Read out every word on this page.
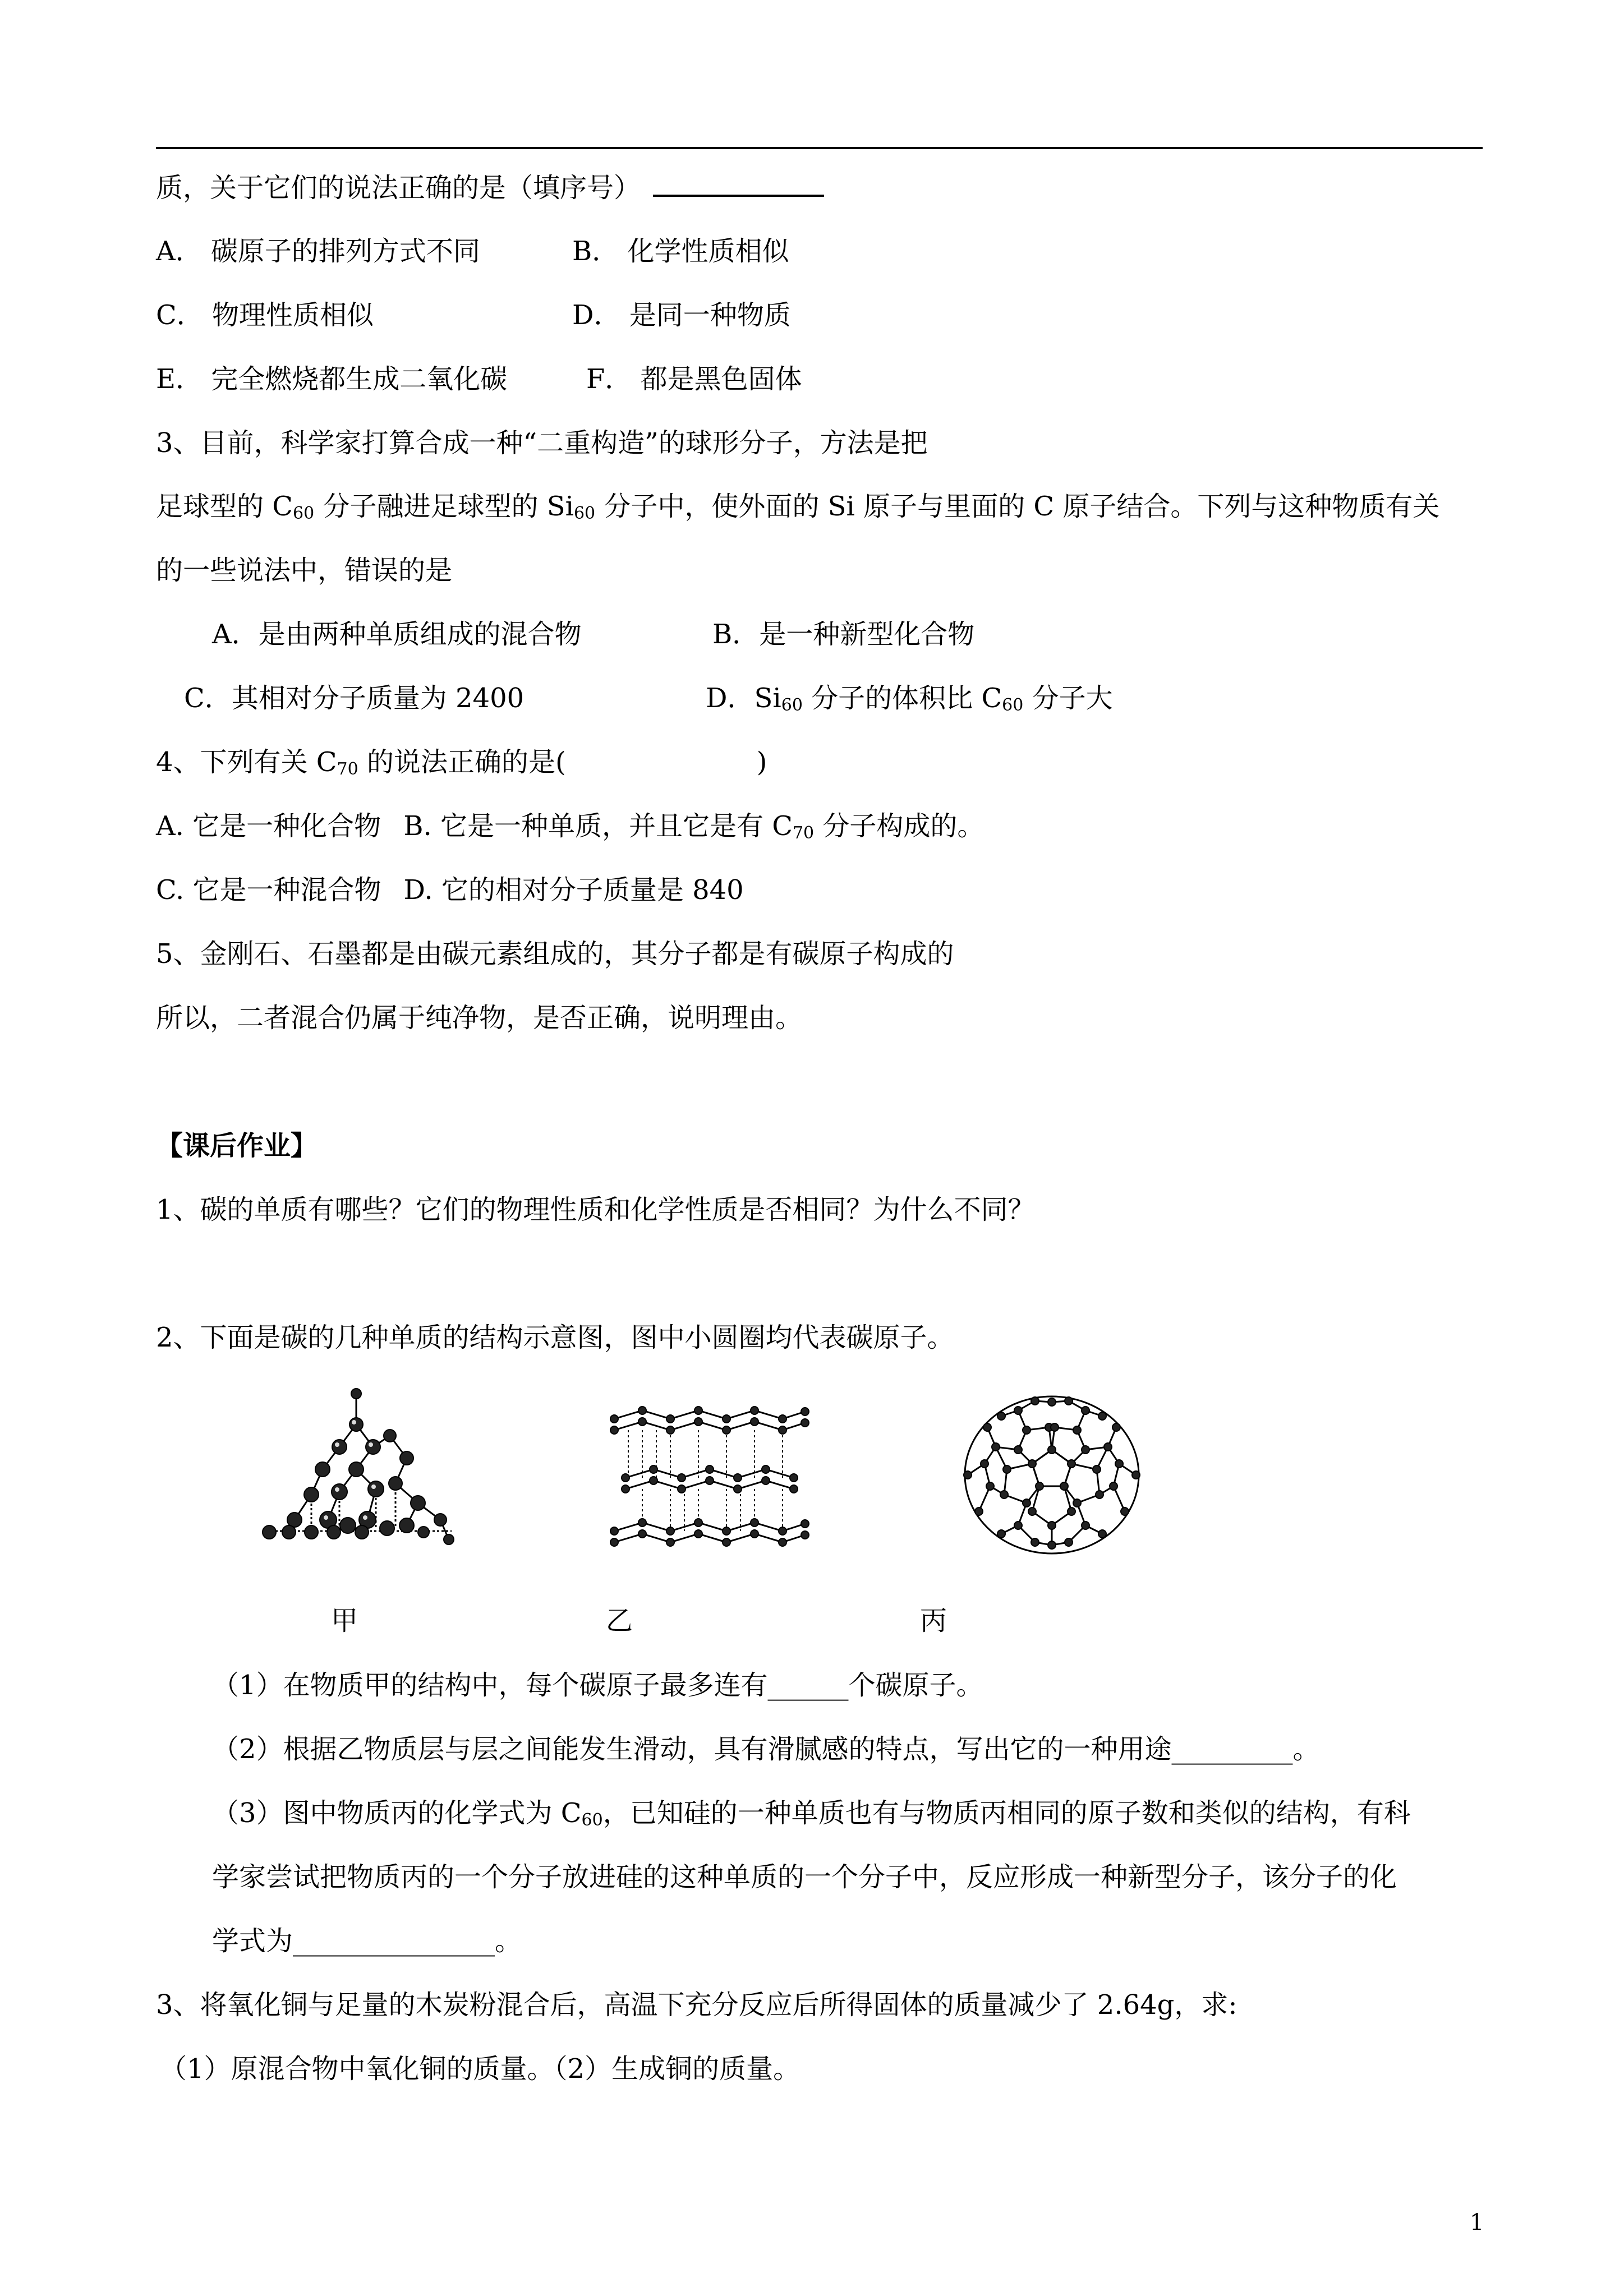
质，关于它们的说法正确的是（填序号）
A． 碳原子的排列方式不同	B． 化学性质相似
C． 物理性质相似	D． 是同一种物质
E． 完全燃烧都生成二氧化碳	F． 都是黑色固体
3、目前，科学家打算合成一种“二重构造”的球形分子，方法是把
足球型的 $C_{60}$ 分子融进足球型的 $Si_{60}$ 分子中，使外面的 Si 原子与里面的 C 原子结合。下列与这种物质有关
的一些说法中，错误的是
A．是由两种单质组成的混合物	B．是一种新型化合物
C．其相对分子质量为 2400	D．$Si_{60}$ 分子的体积比 $C_{60}$ 分子大
4、下列有关 $C_{70}$ 的说法正确的是(	)
A. 它是一种化合物 B. 它是一种单质，并且它是有 $C_{70}$ 分子构成的。
C. 它是一种混合物 D. 它的相对分子质量是 840
5、金刚石、石墨都是由碳元素组成的，其分子都是有碳原子构成的
所以，二者混合仍属于纯净物，是否正确，说明理由。
【课后作业】
1、碳的单质有哪些？它们的物理性质和化学性质是否相同？为什么不同？
2、下面是碳的几种单质的结构示意图，图中小圆圈均代表碳原子。
甲	乙	丙
（1）在物质甲的结构中，每个碳原子最多连有______个碳原子。
（2）根据乙物质层与层之间能发生滑动，具有滑腻感的特点，写出它的一种用途_________。
（3）图中物质丙的化学式为 $C_{60}$，已知硅的一种单质也有与物质丙相同的原子数和类似的结构，有科
学家尝试把物质丙的一个分子放进硅的这种单质的一个分子中，反应形成一种新型分子，该分子的化
学式为_______________。
3、将氧化铜与足量的木炭粉混合后，高温下充分反应后所得固体的质量减少了 2.64g，求:
（1）原混合物中氧化铜的质量。（2）生成铜的质量。
1
